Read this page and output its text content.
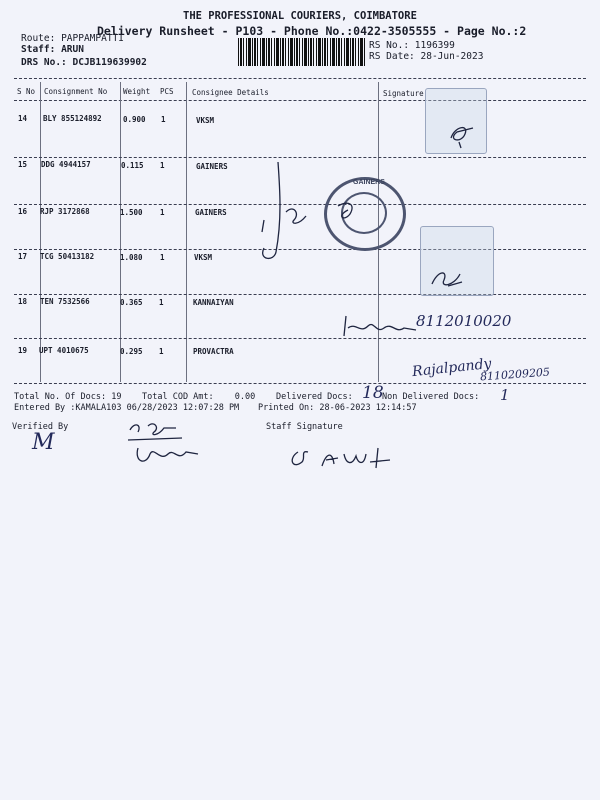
THE PROFESSIONAL COURIERS, COIMBATORE
Delivery Runsheet - P103 - Phone No.:0422-3505555 - Page No.:2
Route: PAPPAMPATTI
Staff: ARUN
DRS No.: DCJB119639902
RS No.: 1196399
RS Date: 28-Jun-2023
S No Consignment No Weight PCS Consignee Details	Signature
14 BLY 855124892	0.900 1	VKSM
15 DDG 4944157	0.115 1	GAINERS
16 RJP 3172868	1.500 1	GAINERS
17 TCG 50413182	1.080 1	VKSM
18 TEN 7532566	0.365 1	KANNAIYAN
19 UPT 4010675	0.295 1	PROVACTRA
GAINERS
8112010020
Rajalpandy
8110209205
Total No. Of Docs: 19 Total COD Amt: 0.00 Delivered Docs: 18
Non Delivered Docs: 1
Entered By :KAMALA103 06/28/2023 12:07:28 PM Printed On: 28-06-2023 12:14:57
Verified By
M
Staff Signature
